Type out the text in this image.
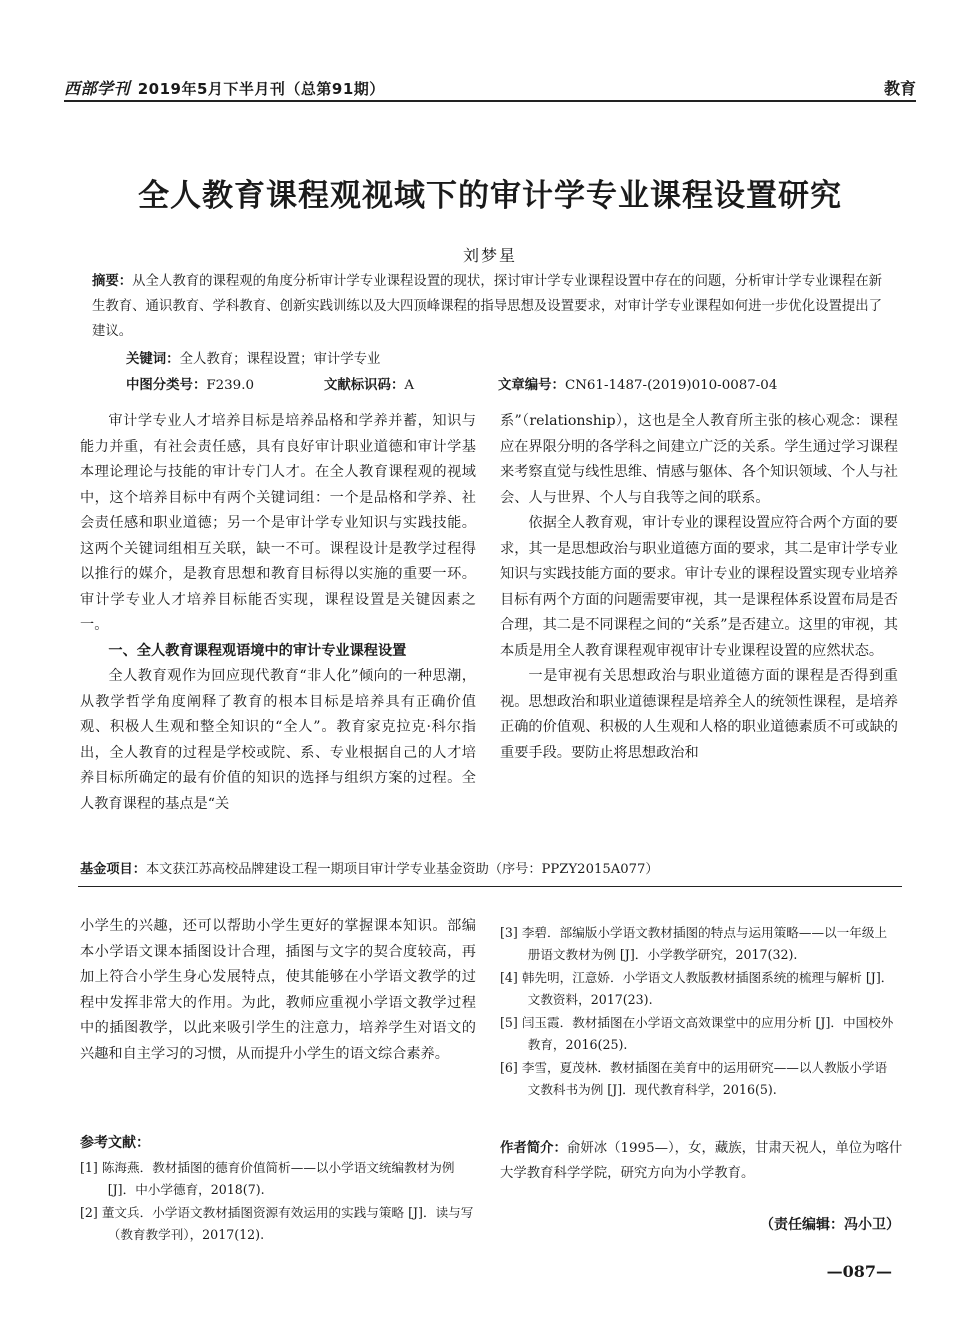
西部学刊 2019年5月下半月刊（总第91期）	教育
全人教育课程观视域下的审计学专业课程设置研究
刘梦星
摘要：从全人教育的课程观的角度分析审计学专业课程设置的现状，探讨审计学专业课程设置中存在的问题，分析审计学专业课程在新生教育、通识教育、学科教育、创新实践训练以及大四顶峰课程的指导思想及设置要求，对审计学专业课程如何进一步优化设置提出了建议。
关键词：全人教育；课程设置；审计学专业
中图分类号：F239.0	文献标识码：A	文章编号：CN61-1487-(2019)010-0087-04

审计学专业人才培养目标是培养品格和学养并蓄，知识与能力并重，有社会责任感，具有良好审计职业道德和审计学基本理论理论与技能的审计专门人才。在全人教育课程观的视域中，这个培养目标中有两个关键词组：一个是品格和学养、社会责任感和职业道德；另一个是审计学专业知识与实践技能。这两个关键词组相互关联，缺一不可。课程设计是教学过程得以推行的媒介，是教育思想和教育目标得以实施的重要一环。审计学专业人才培养目标能否实现，课程设置是关键因素之一。

一、全人教育课程观语境中的审计专业课程设置

全人教育观作为回应现代教育“非人化”倾向的一种思潮，从教学哲学角度阐释了教育的根本目标是培养具有正确价值观、积极人生观和整全知识的“全人”。教育家克拉克·科尔指出，全人教育的过程是学校或院、系、专业根据自己的人才培养目标所确定的最有价值的知识的选择与组织方案的过程。全人教育课程的基点是“关

系”（relationship），这也是全人教育所主张的核心观念：课程应在界限分明的各学科之间建立广泛的关系。学生通过学习课程来考察直觉与线性思维、情感与躯体、各个知识领域、个人与社会、人与世界、个人与自我等之间的联系。

依据全人教育观，审计专业的课程设置应符合两个方面的要求，其一是思想政治与职业道德方面的要求，其二是审计学专业知识与实践技能方面的要求。审计专业的课程设置实现专业培养目标有两个方面的问题需要审视，其一是课程体系设置布局是否合理，其二是不同课程之间的“关系”是否建立。这里的审视，其本质是用全人教育课程观审视审计专业课程设置的应然状态。

一是审视有关思想政治与职业道德方面的课程是否得到重视。思想政治和职业道德课程是培养全人的统领性课程，是培养正确的价值观、积极的人生观和人格的职业道德素质不可或缺的重要手段。要防止将思想政治和

基金项目：本文获江苏高校品牌建设工程一期项目审计学专业基金资助（序号：PPZY2015A077）

小学生的兴趣，还可以帮助小学生更好的掌握课本知识。部编本小学语文课本插图设计合理，插图与文字的契合度较高，再加上符合小学生身心发展特点，使其能够在小学语文教学的过程中发挥非常大的作用。为此，教师应重视小学语文教学过程中的插图教学，以此来吸引学生的注意力，培养学生对语文的兴趣和自主学习的习惯，从而提升小学生的语文综合素养。

参考文献：
[1] 陈海燕．教材插图的德育价值简析——以小学语文统编教材为例 [J]．中小学德育，2018(7).
[2] 董文兵．小学语文教材插图资源有效运用的实践与策略 [J]．读与写（教育教学刊），2017(12).
[3] 李碧．部编版小学语文教材插图的特点与运用策略——以一年级上册语文教材为例 [J]．小学教学研究，2017(32).
[4] 韩先明，江意娇．小学语文人教版教材插图系统的梳理与解析 [J]．文教资料，2017(23).
[5] 闫玉霞．教材插图在小学语文高效课堂中的应用分析 [J]．中国校外教育，2016(25).
[6] 李雪，夏茂林．教材插图在美育中的运用研究——以人教版小学语文教科书为例 [J]．现代教育科学，2016(5).
作者简介：俞妍冰（1995—），女，藏族，甘肃天祝人，单位为喀什大学教育科学学院，研究方向为小学教育。
（责任编辑：冯小卫）
—087—
